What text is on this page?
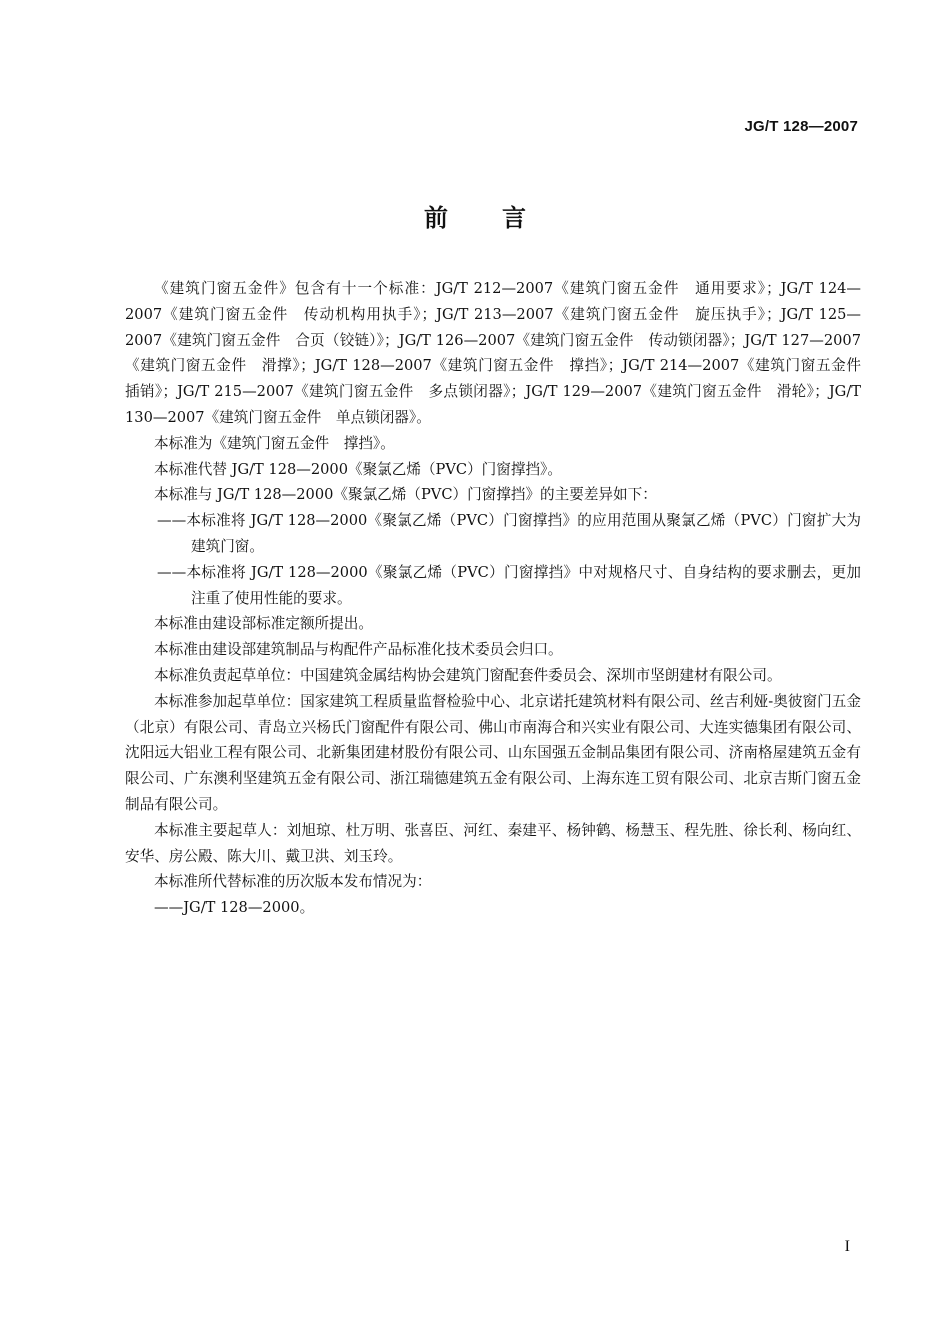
JG/T 128—2007
前言

《建筑门窗五金件》包含有十一个标准：JG/T 212—2007《建筑门窗五金件　通用要求》；JG/T 124—2007《建筑门窗五金件　传动机构用执手》；JG/T 213—2007《建筑门窗五金件　旋压执手》；JG/T 125—2007《建筑门窗五金件　合页（铰链）》；JG/T 126—2007《建筑门窗五金件　传动锁闭器》；JG/T 127—2007《建筑门窗五金件　滑撑》；JG/T 128—2007《建筑门窗五金件　撑挡》；JG/T 214—2007《建筑门窗五金件　插销》；JG/T 215—2007《建筑门窗五金件　多点锁闭器》；JG/T 129—2007《建筑门窗五金件　滑轮》；JG/T 130—2007《建筑门窗五金件　单点锁闭器》。

本标准为《建筑门窗五金件　撑挡》。

本标准代替 JG/T 128—2000《聚氯乙烯（PVC）门窗撑挡》。

本标准与 JG/T 128—2000《聚氯乙烯（PVC）门窗撑挡》的主要差异如下：

——本标准将 JG/T 128—2000《聚氯乙烯（PVC）门窗撑挡》的应用范围从聚氯乙烯（PVC）门窗扩大为建筑门窗。

——本标准将 JG/T 128—2000《聚氯乙烯（PVC）门窗撑挡》中对规格尺寸、自身结构的要求删去，更加注重了使用性能的要求。

本标准由建设部标准定额所提出。

本标准由建设部建筑制品与构配件产品标准化技术委员会归口。

本标准负责起草单位：中国建筑金属结构协会建筑门窗配套件委员会、深圳市坚朗建材有限公司。

本标准参加起草单位：国家建筑工程质量监督检验中心、北京诺托建筑材料有限公司、丝吉利娅-奥彼窗门五金（北京）有限公司、青岛立兴杨氏门窗配件有限公司、佛山市南海合和兴实业有限公司、大连实德集团有限公司、沈阳远大铝业工程有限公司、北新集团建材股份有限公司、山东国强五金制品集团有限公司、济南格屋建筑五金有限公司、广东澳利坚建筑五金有限公司、浙江瑞德建筑五金有限公司、上海东连工贸有限公司、北京吉斯门窗五金制品有限公司。

本标准主要起草人：刘旭琼、杜万明、张喜臣、河红、秦建平、杨钟鹤、杨慧玉、程先胜、徐长利、杨向红、安华、房公殿、陈大川、戴卫洪、刘玉玲。

本标准所代替标准的历次版本发布情况为：

——JG/T 128—2000。

I
